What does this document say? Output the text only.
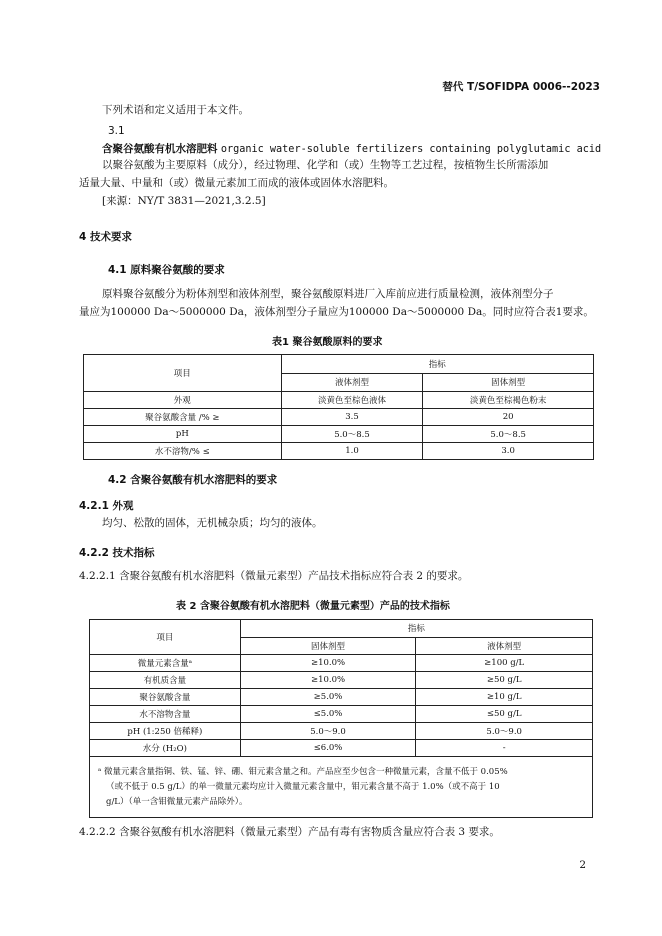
替代 T/SOFIDPA 0006--2023
下列术语和定义适用于本文件。
3.1
含聚谷氨酸有机水溶肥料 organic water-soluble fertilizers containing polyglutamic acid
以聚谷氨酸为主要原料（成分），经过物理、化学和（或）生物等工艺过程，按植物生长所需添加
适量大量、中量和（或）微量元素加工而成的液体或固体水溶肥料。
[来源：NY/T 3831—2021,3.2.5]
4 技术要求
4.1 原料聚谷氨酸的要求
原料聚谷氨酸分为粉体剂型和液体剂型，聚谷氨酸原料进厂入库前应进行质量检测，液体剂型分子
量应为100000 Da～5000000 Da，液体剂型分子量应为100000 Da～5000000 Da。同时应符合表1要求。
表1 聚谷氨酸原料的要求
项目	指标	
	液体剂型	固体剂型
外观	淡黄色至棕色液体	淡黄色至棕褐色粉末
聚谷氨酸含量 /% ≥	3.5	20
pH	5.0～8.5	5.0～8.5
水不溶物/% ≤	1.0	3.0
4.2 含聚谷氨酸有机水溶肥料的要求
4.2.1 外观
均匀、松散的固体，无机械杂质；均匀的液体。
4.2.2 技术指标
4.2.2.1 含聚谷氨酸有机水溶肥料（微量元素型）产品技术指标应符合表 2 的要求。
表 2 含聚谷氨酸有机水溶肥料（微量元素型）产品的技术指标
项目	指标	
	固体剂型	液体剂型
微量元素含量ᵃ	≥10.0%	≥100 g/L
有机质含量	≥10.0%	≥50 g/L
聚谷氨酸含量	≥5.0%	≥10 g/L
水不溶物含量	≤5.0%	≤50 g/L
pH (1:250 倍稀释)	5.0～9.0	5.0～9.0
水分 (H₂O)	≤6.0%	-

ᵃ 微量元素含量指铜、铁、锰、锌、硼、钼元素含量之和。产品应至少包含一种微量元素，含量不低于 0.05%
（或不低于 0.5 g/L）的单一微量元素均应计入微量元素含量中，钼元素含量不高于 1.0%（或不高于 10
g/L）（单一含钼微量元素产品除外）。		
4.2.2.2 含聚谷氨酸有机水溶肥料（微量元素型）产品有毒有害物质含量应符合表 3 要求。
2
